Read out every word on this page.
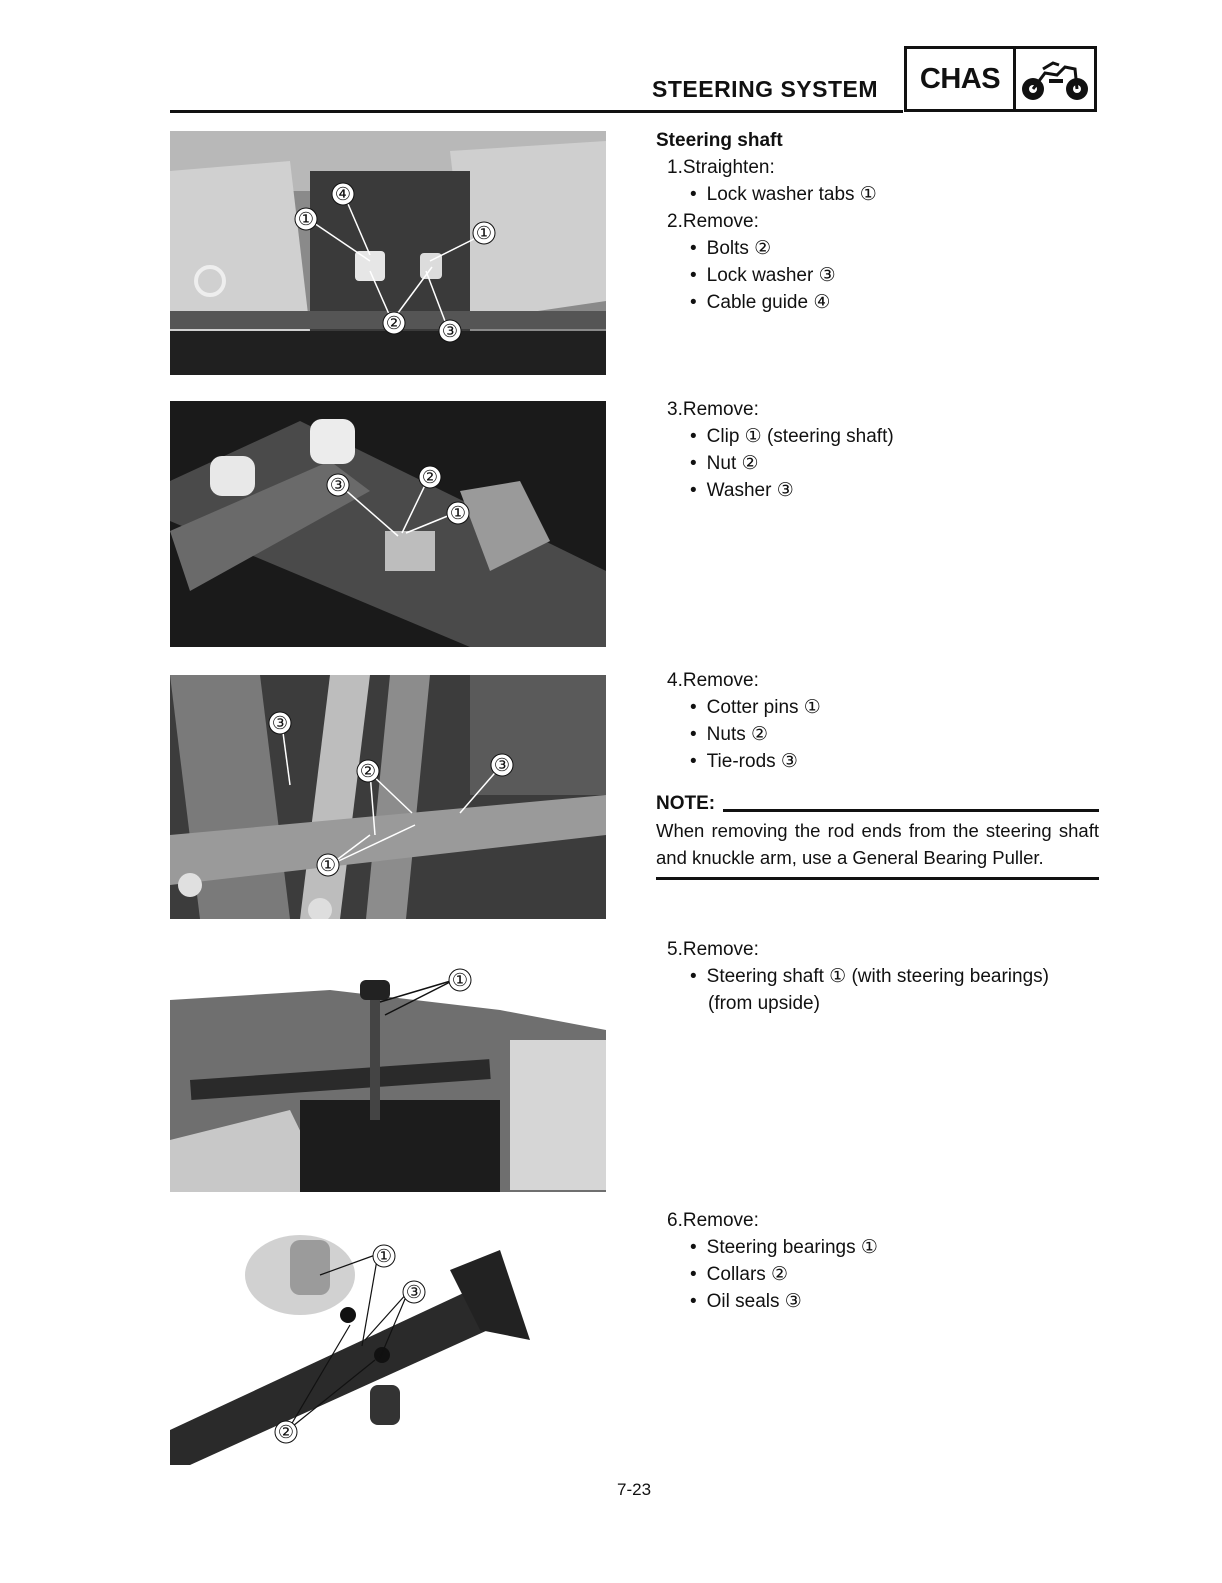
STEERING SYSTEM	CHAS
①
④
①
② ③
③	②
①
③
②	③
①
①
①
③
②
Steering shaft
1.Straighten:
• Lock washer tabs ①
2.Remove:
• Bolts ②
• Lock washer ③
• Cable guide ④
3.Remove:
• Clip ① (steering shaft)
• Nut ②
• Washer ③
4.Remove:
• Cotter pins ①
• Nuts ②
• Tie-rods ③
NOTE:
When removing the rod ends from the steering shaft and knuckle arm, use a General Bearing Puller.
5.Remove:
• Steering shaft ① (with steering bearings)
(from upside)
6.Remove:
• Steering bearings ①
• Collars ②
• Oil seals ③
7-23
